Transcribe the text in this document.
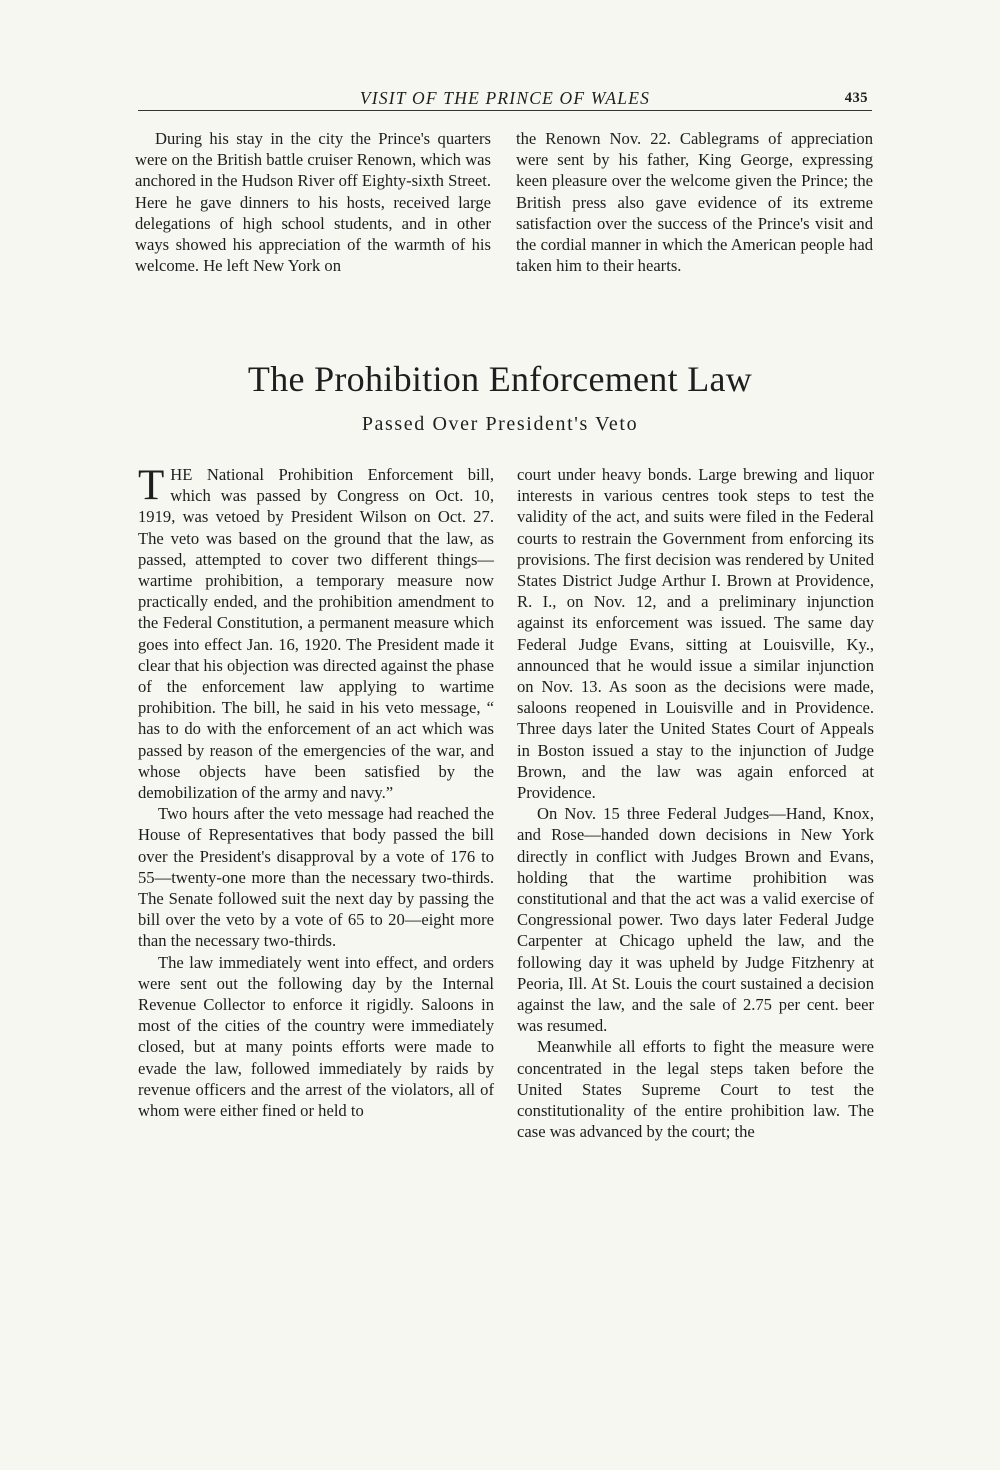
VISIT OF THE PRINCE OF WALES	435

During his stay in the city the Prince's quarters were on the British battle cruiser Renown, which was anchored in the Hudson River off Eighty-sixth Street. Here he gave dinners to his hosts, received large delegations of high school students, and in other ways showed his appreciation of the warmth of his welcome. He left New York on

the Renown Nov. 22. Cablegrams of appreciation were sent by his father, King George, expressing keen pleasure over the welcome given the Prince; the British press also gave evidence of its extreme satisfaction over the success of the Prince's visit and the cordial manner in which the American people had taken him to their hearts.

The Prohibition Enforcement Law
Passed Over President's Veto

THE National Prohibition Enforcement bill, which was passed by Congress on Oct. 10, 1919, was vetoed by President Wilson on Oct. 27. The veto was based on the ground that the law, as passed, attempted to cover two different things—wartime prohibition, a temporary measure now practically ended, and the prohibition amendment to the Federal Constitution, a permanent measure which goes into effect Jan. 16, 1920. The President made it clear that his objection was directed against the phase of the enforcement law applying to wartime prohibition. The bill, he said in his veto message, “ has to do with the enforcement of an act which was passed by reason of the emergencies of the war, and whose objects have been satisfied by the demobilization of the army and navy.”

Two hours after the veto message had reached the House of Representatives that body passed the bill over the President's disapproval by a vote of 176 to 55—twenty-one more than the necessary two-thirds. The Senate followed suit the next day by passing the bill over the veto by a vote of 65 to 20—eight more than the necessary two-thirds.

The law immediately went into effect, and orders were sent out the following day by the Internal Revenue Collector to enforce it rigidly. Saloons in most of the cities of the country were immediately closed, but at many points efforts were made to evade the law, followed immediately by raids by revenue officers and the arrest of the violators, all of whom were either fined or held to

court under heavy bonds. Large brewing and liquor interests in various centres took steps to test the validity of the act, and suits were filed in the Federal courts to restrain the Government from enforcing its provisions. The first decision was rendered by United States District Judge Arthur I. Brown at Providence, R. I., on Nov. 12, and a preliminary injunction against its enforcement was issued. The same day Federal Judge Evans, sitting at Louisville, Ky., announced that he would issue a similar injunction on Nov. 13. As soon as the decisions were made, saloons reopened in Louisville and in Providence. Three days later the United States Court of Appeals in Boston issued a stay to the injunction of Judge Brown, and the law was again enforced at Providence.

On Nov. 15 three Federal Judges—Hand, Knox, and Rose—handed down decisions in New York directly in conflict with Judges Brown and Evans, holding that the wartime prohibition was constitutional and that the act was a valid exercise of Congressional power. Two days later Federal Judge Carpenter at Chicago upheld the law, and the following day it was upheld by Judge Fitzhenry at Peoria, Ill. At St. Louis the court sustained a decision against the law, and the sale of 2.75 per cent. beer was resumed.

Meanwhile all efforts to fight the measure were concentrated in the legal steps taken before the United States Supreme Court to test the constitutionality of the entire prohibition law. The case was advanced by the court; the
